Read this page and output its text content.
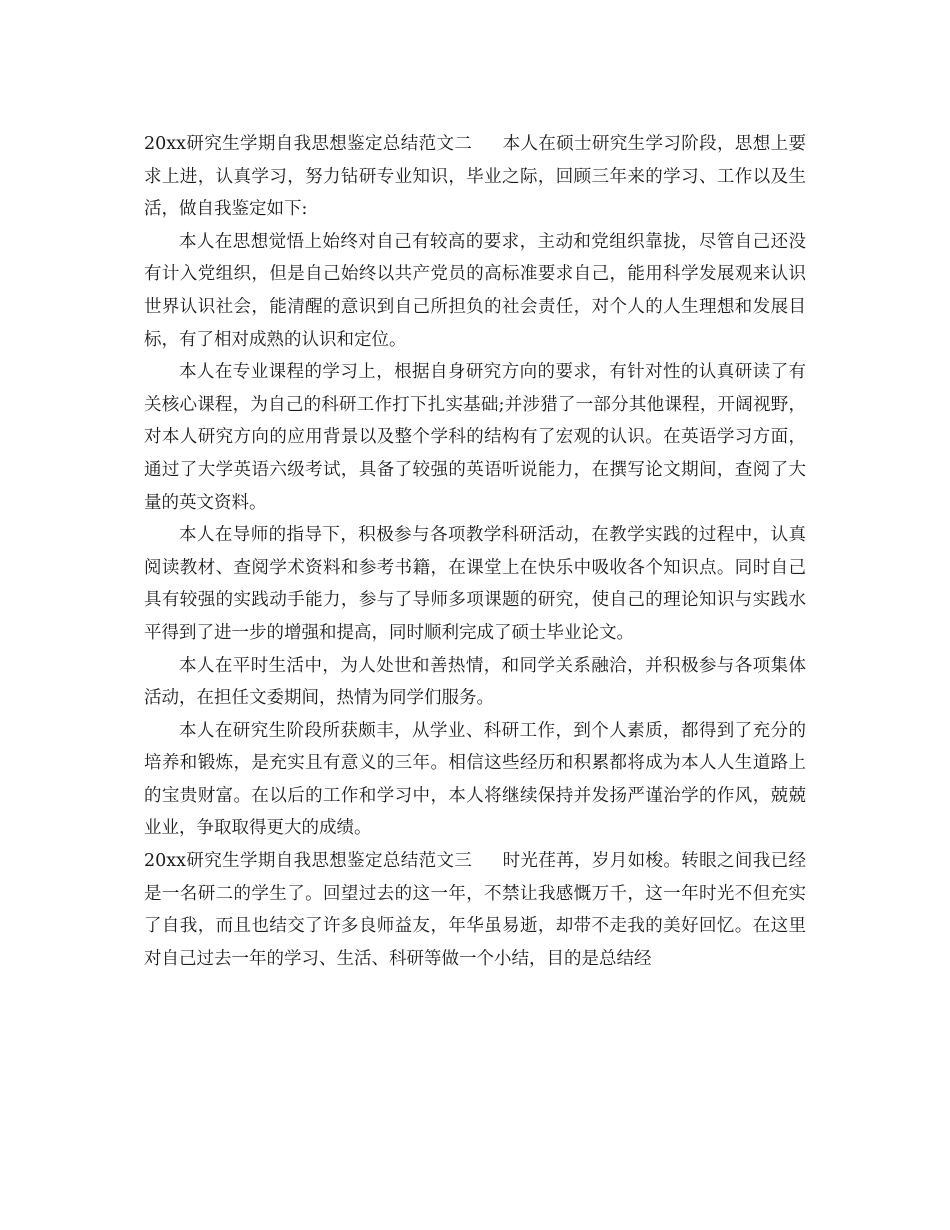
20xx研究生学期自我思想鉴定总结范文二 本人在硕士研究生学习阶段，思想上要求上进，认真学习，努力钻研专业知识，毕业之际，回顾三年来的学习、工作以及生活，做自我鉴定如下:

本人在思想觉悟上始终对自己有较高的要求，主动和党组织靠拢，尽管自己还没有计入党组织，但是自己始终以共产党员的高标准要求自己，能用科学发展观来认识世界认识社会，能清醒的意识到自己所担负的社会责任，对个人的人生理想和发展目标，有了相对成熟的认识和定位。

本人在专业课程的学习上，根据自身研究方向的要求，有针对性的认真研读了有关核心课程，为自己的科研工作打下扎实基础;并涉猎了一部分其他课程，开阔视野，对本人研究方向的应用背景以及整个学科的结构有了宏观的认识。在英语学习方面，通过了大学英语六级考试，具备了较强的英语听说能力，在撰写论文期间，查阅了大量的英文资料。

本人在导师的指导下，积极参与各项教学科研活动，在教学实践的过程中，认真阅读教材、查阅学术资料和参考书籍，在课堂上在快乐中吸收各个知识点。同时自己具有较强的实践动手能力，参与了导师多项课题的研究，使自己的理论知识与实践水平得到了进一步的增强和提高，同时顺利完成了硕士毕业论文。

本人在平时生活中，为人处世和善热情，和同学关系融洽，并积极参与各项集体活动，在担任文委期间，热情为同学们服务。

本人在研究生阶段所获颇丰，从学业、科研工作，到个人素质，都得到了充分的培养和锻炼，是充实且有意义的三年。相信这些经历和积累都将成为本人人生道路上的宝贵财富。在以后的工作和学习中，本人将继续保持并发扬严谨治学的作风，兢兢业业，争取取得更大的成绩。

20xx研究生学期自我思想鉴定总结范文三 时光荏苒，岁月如梭。转眼之间我已经是一名研二的学生了。回望过去的这一年，不禁让我感慨万千，这一年时光不但充实了自我，而且也结交了许多良师益友，年华虽易逝，却带不走我的美好回忆。在这里对自己过去一年的学习、生活、科研等做一个小结，目的是总结经
